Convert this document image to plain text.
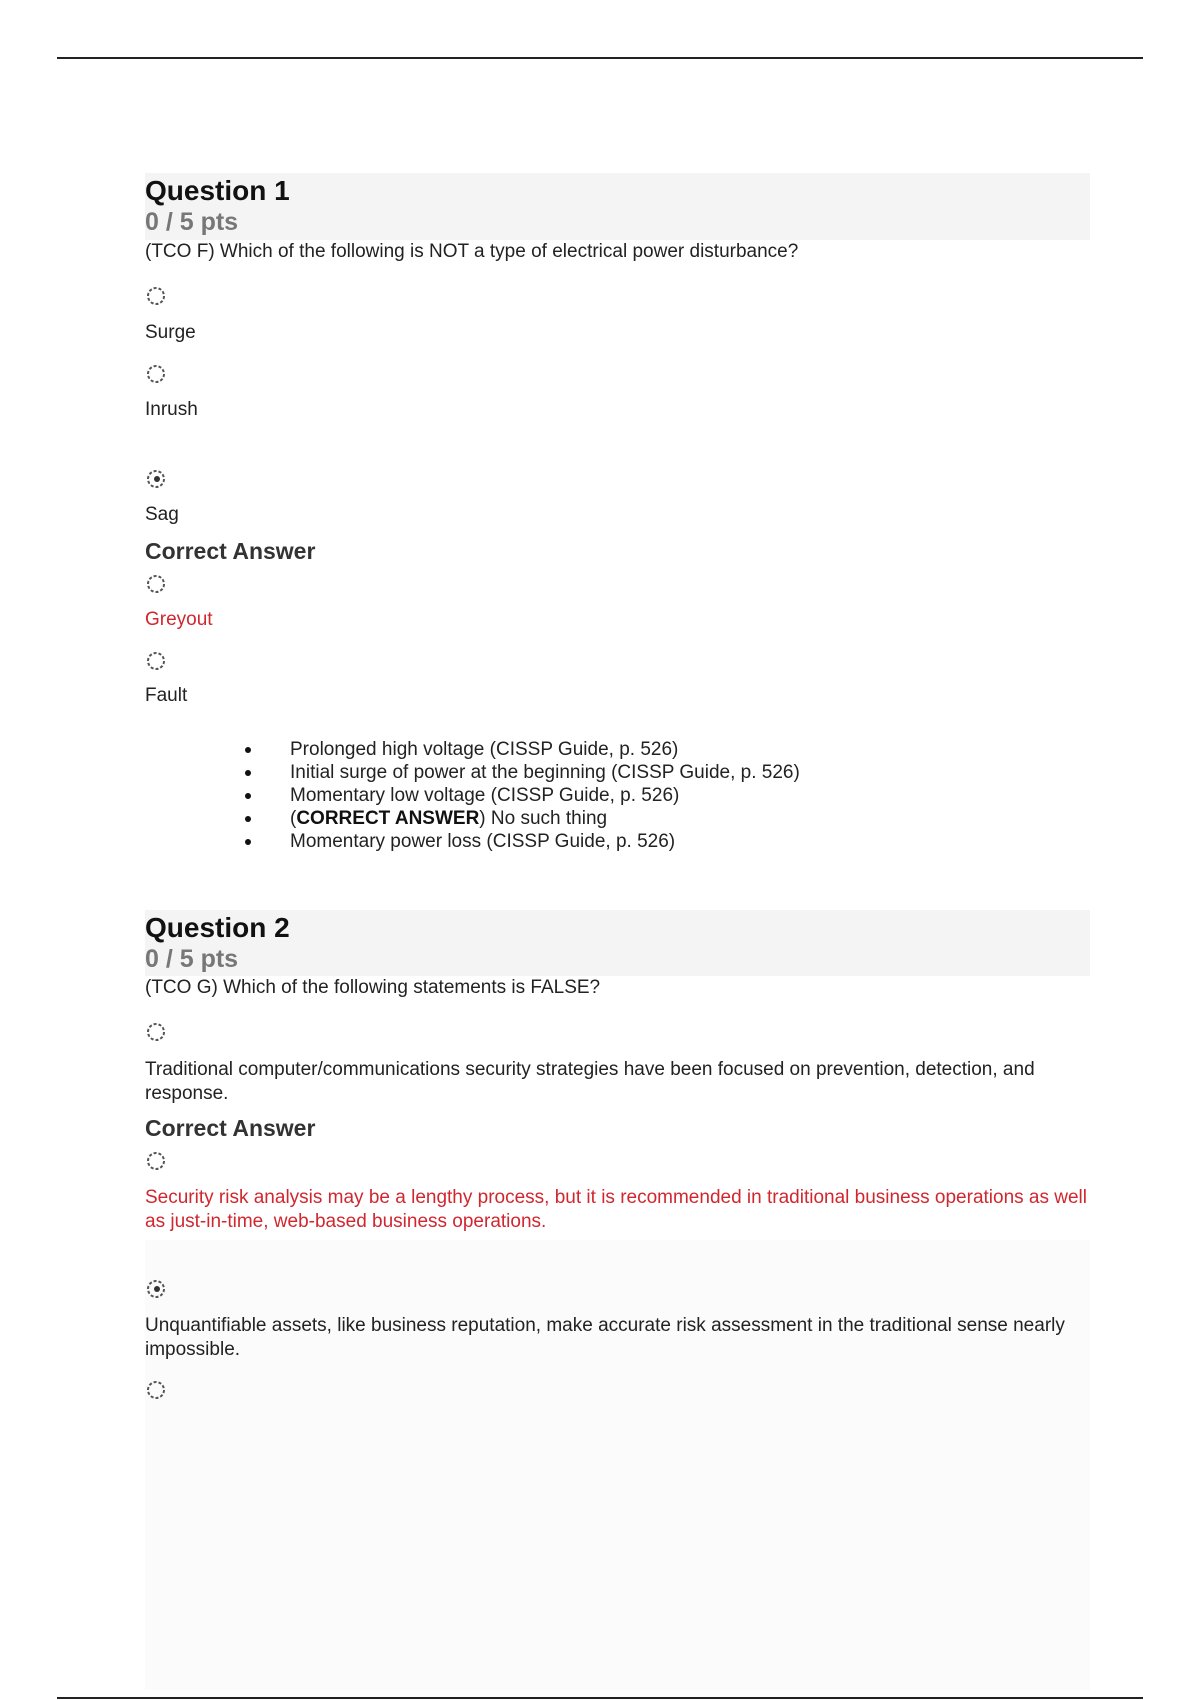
Question 1
0 / 5 pts
(TCO F) Which of the following is NOT a type of electrical power disturbance?
Surge
Inrush
Sag
Correct Answer
Greyout
Fault
Prolonged high voltage (CISSP Guide, p. 526)
Initial surge of power at the beginning (CISSP Guide, p. 526)
Momentary low voltage (CISSP Guide, p. 526)
(CORRECT ANSWER) No such thing
Momentary power loss (CISSP Guide, p. 526)
Question 2
0 / 5 pts
(TCO G) Which of the following statements is FALSE?
Traditional computer/communications security strategies have been focused on prevention, detection, and response.
Correct Answer
Security risk analysis may be a lengthy process, but it is recommended in traditional business operations as well as just-in-time, web-based business operations.
Unquantifiable assets, like business reputation, make accurate risk assessment in the traditional sense nearly impossible.
